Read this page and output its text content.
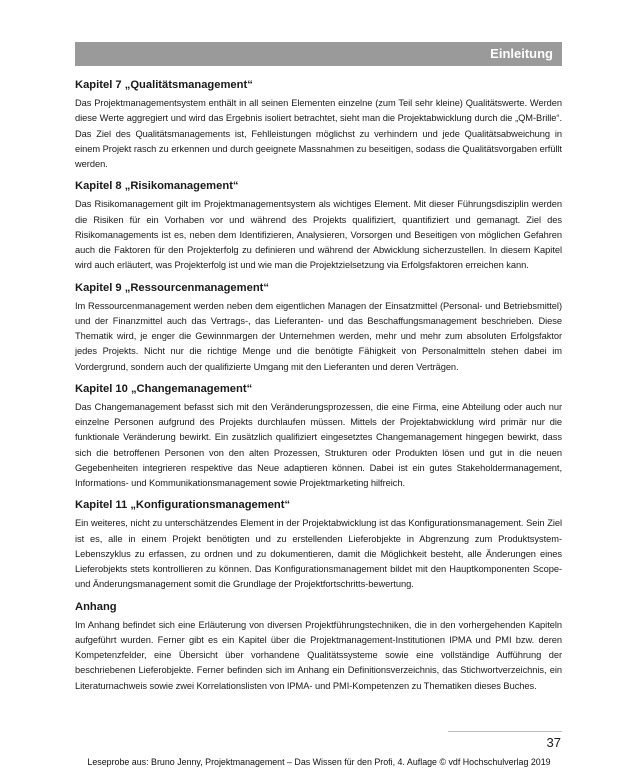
Einleitung
Kapitel 7 „Qualitätsmanagement“

Das Projektmanagementsystem enthält in all seinen Elementen einzelne (zum Teil sehr kleine) Qualitätswerte. Werden diese Werte aggregiert und wird das Ergebnis isoliert betrachtet, sieht man die Projektabwicklung durch die „QM-Brille“. Das Ziel des Qualitätsmanagements ist, Fehlleistungen möglichst zu verhindern und jede Qualitätsabweichung in einem Projekt rasch zu erkennen und durch geeignete Massnahmen zu beseitigen, sodass die Qualitätsvorgaben erfüllt werden.

Kapitel 8 „Risikomanagement“

Das Risikomanagement gilt im Projektmanagementsystem als wichtiges Element. Mit dieser Führungsdisziplin werden die Risiken für ein Vorhaben vor und während des Projekts qualifiziert, quantifiziert und gemanagt. Ziel des Risikomanagements ist es, neben dem Identifizieren, Analysieren, Vorsorgen und Beseitigen von möglichen Gefahren auch die Faktoren für den Projekterfolg zu definieren und während der Abwicklung sicherzustellen. In diesem Kapitel wird auch erläutert, was Projekterfolg ist und wie man die Projektzielsetzung via Erfolgsfaktoren erreichen kann.

Kapitel 9 „Ressourcenmanagement“

Im Ressourcenmanagement werden neben dem eigentlichen Managen der Einsatzmittel (Personal- und Betriebsmittel) und der Finanzmittel auch das Vertrags-, das Lieferanten- und das Beschaffungsmanagement beschrieben. Diese Thematik wird, je enger die Gewinnmargen der Unternehmen werden, mehr und mehr zum absoluten Erfolgsfaktor jedes Projekts. Nicht nur die richtige Menge und die benötigte Fähigkeit von Personalmitteln stehen dabei im Vordergrund, sondern auch der qualifizierte Umgang mit den Lieferanten und deren Verträgen.

Kapitel 10 „Changemanagement“

Das Changemanagement befasst sich mit den Veränderungsprozessen, die eine Firma, eine Abteilung oder auch nur einzelne Personen aufgrund des Projekts durchlaufen müssen. Mittels der Projektabwicklung wird primär nur die funktionale Veränderung bewirkt. Ein zusätzlich qualifiziert eingesetztes Changemanagement hingegen bewirkt, dass sich die betroffenen Personen von den alten Prozessen, Strukturen oder Produkten lösen und gut in die neuen Gegebenheiten integrieren respektive das Neue adaptieren können. Dabei ist ein gutes Stakeholdermanagement, Informations- und Kommunikationsmanagement sowie Projektmarketing hilfreich.

Kapitel 11 „Konfigurationsmanagement“

Ein weiteres, nicht zu unterschätzendes Element in der Projektabwicklung ist das Konfigurationsmanagement. Sein Ziel ist es, alle in einem Projekt benötigten und zu erstellenden Lieferobjekte in Abgrenzung zum Produktsystem-Lebenszyklus zu erfassen, zu ordnen und zu dokumentieren, damit die Möglichkeit besteht, alle Änderungen eines Lieferobjekts stets kontrollieren zu können. Das Konfigurationsmanagement bildet mit den Hauptkomponenten Scope- und Änderungsmanagement somit die Grundlage der Projektfortschritts-bewertung.

Anhang

Im Anhang befindet sich eine Erläuterung von diversen Projektführungstechniken, die in den vorhergehenden Kapiteln aufgeführt wurden. Ferner gibt es ein Kapitel über die Projektmanagement-Institutionen IPMA und PMI bzw. deren Kompetenzfelder, eine Übersicht über vorhandene Qualitätssysteme sowie eine vollständige Aufführung der beschriebenen Lieferobjekte. Ferner befinden sich im Anhang ein Definitionsverzeichnis, das Stichwortverzeichnis, ein Literaturnachweis sowie zwei Korrelationslisten von IPMA- und PMI-Kompetenzen zu Thematiken dieses Buches.

37
Leseprobe aus: Bruno Jenny, Projektmanagement – Das Wissen für den Profi, 4. Auflage © vdf Hochschulverlag 2019
